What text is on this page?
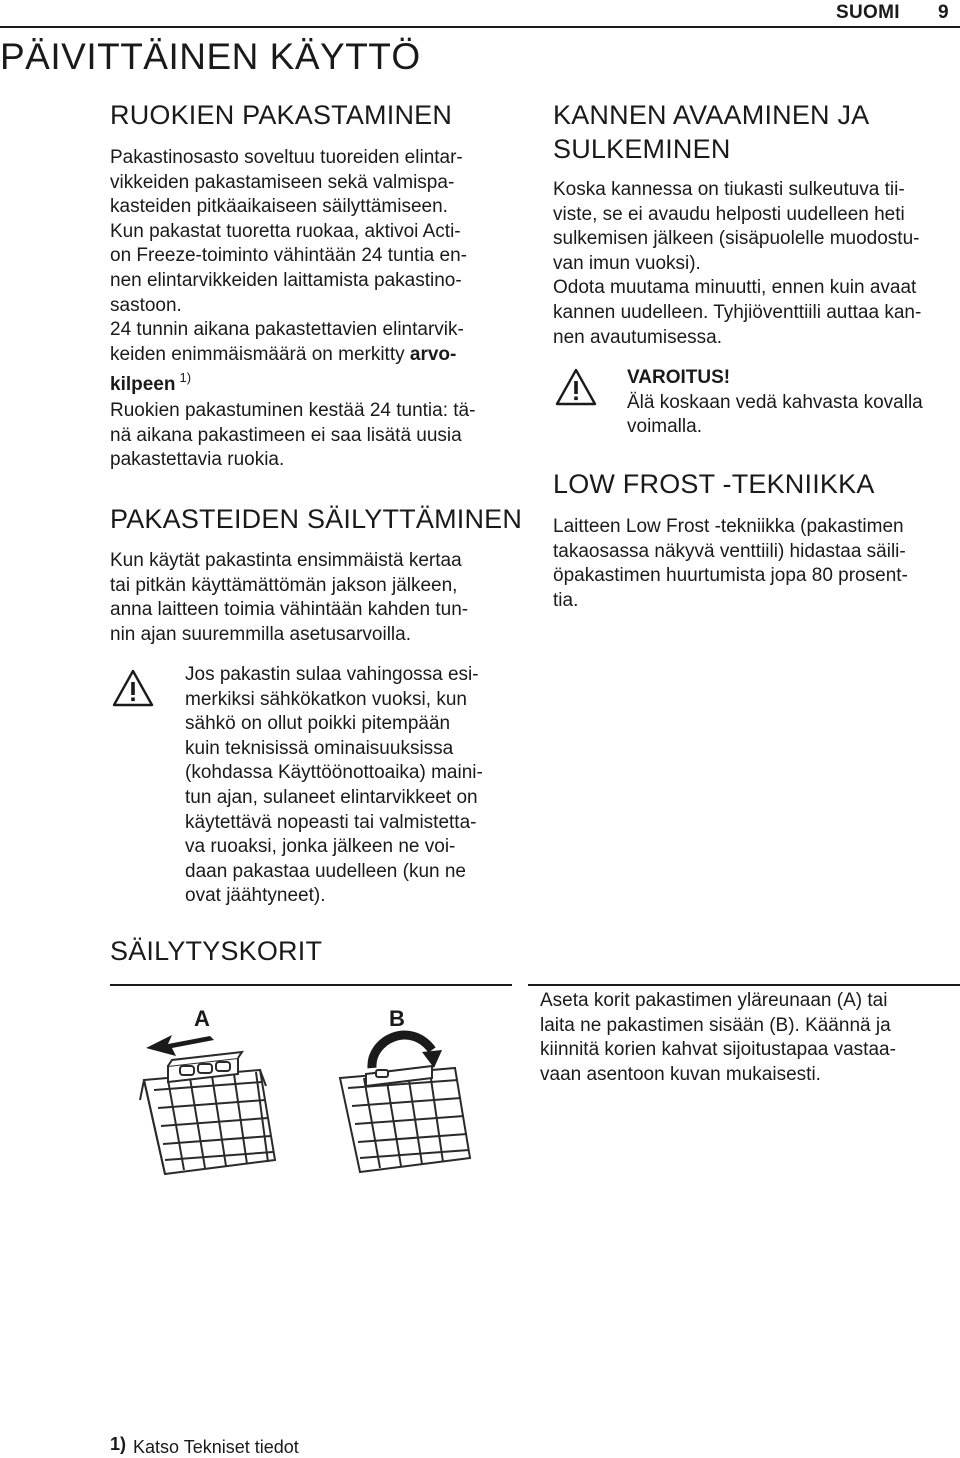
SUOMI 9
PÄIVITTÄINEN KÄYTTÖ
RUOKIEN PAKASTAMINEN
Pakastinosasto soveltuu tuoreiden elintar-
vikkeiden pakastamiseen sekä valmispa-
kasteiden pitkäaikaiseen säilyttämiseen.
Kun pakastat tuoretta ruokaa, aktivoi Acti-
on Freeze-toiminto vähintään 24 tuntia en-
nen elintarvikkeiden laittamista pakastino-
sastoon.
24 tunnin aikana pakastettavien elintarvik-
keiden enimmäismäärä on merkitty arvo-
kilpeen $^{1)}$
Ruokien pakastuminen kestää 24 tuntia: tä-
nä aikana pakastimeen ei saa lisätä uusia
pakastettavia ruokia.
PAKASTEIDEN SÄILYTTÄMINEN
Kun käytät pakastinta ensimmäistä kertaa
tai pitkän käyttämättömän jakson jälkeen,
anna laitteen toimia vähintään kahden tun-
nin ajan suuremmilla asetusarvoilla.
Jos pakastin sulaa vahingossa esi-
merkiksi sähkökatkon vuoksi, kun
sähkö on ollut poikki pitempään
kuin teknisissä ominaisuuksissa
(kohdassa Käyttöönottoaika) maini-
tun ajan, sulaneet elintarvikkeet on
käytettävä nopeasti tai valmistetta-
va ruoaksi, jonka jälkeen ne voi-
daan pakastaa uudelleen (kun ne
ovat jäähtyneet).
KANNEN AVAAMINEN JA
SULKEMINEN
Koska kannessa on tiukasti sulkeutuva tii-
viste, se ei avaudu helposti uudelleen heti
sulkemisen jälkeen (sisäpuolelle muodostu-
van imun vuoksi).
Odota muutama minuutti, ennen kuin avaat
kannen uudelleen. Tyhjiöventtiili auttaa kan-
nen avautumisessa.
VAROITUS!
Älä koskaan vedä kahvasta kovalla
voimalla.
LOW FROST -TEKNIIKKA
Laitteen Low Frost -tekniikka (pakastimen
takaosassa näkyvä venttiili) hidastaa säili-
öpakastimen huurtumista jopa 80 prosent-
tia.
SÄILYTYSKORIT
A	B
Aseta korit pakastimen yläreunaan (A) tai
laita ne pakastimen sisään (B). Käännä ja
kiinnitä korien kahvat sijoitustapaa vastaa-
vaan asentoon kuvan mukaisesti.
1) Katso Tekniset tiedot
